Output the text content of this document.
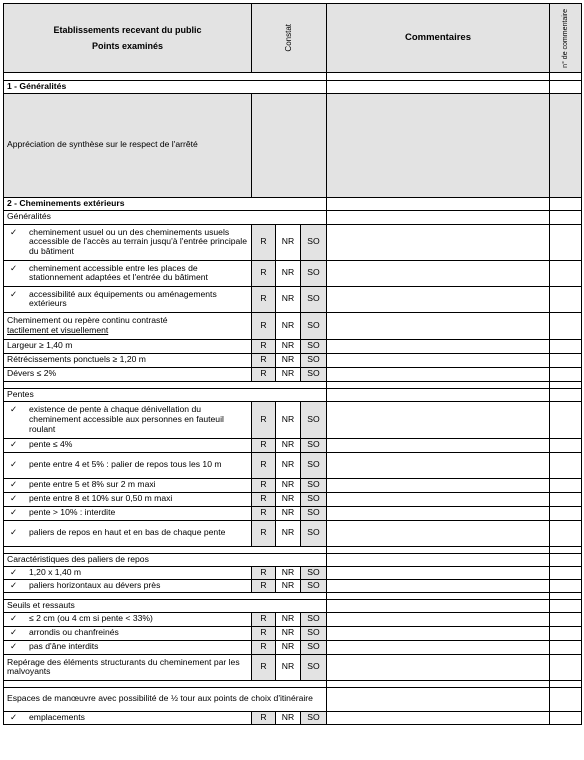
Etablissements recevant du public
Points examinés	Constat			Commentaires	n° de commentaire

1 - Généralités					
Appréciation de synthèse sur le respect de l'arrêté					
2 - Cheminements extérieurs					
Généralités					

✓ cheminement usuel ou un des cheminements usuels accessible de l'accès au terrain jusqu'à l'entrée principale du bâtiment	R	NR	SO		

✓ cheminement accessible entre les places de stationnement adaptées et l'entrée du bâtiment	R	NR	SO		

✓ accessibilité aux équipements ou aménagements extérieurs	R	NR	SO		

Cheminement ou repère continu contrasté
tactilement et visuellement	R	NR	SO		
Largeur ≥ 1,40 m	R	NR	SO		
Rétrécissements ponctuels ≥ 1,20 m	R	NR	SO		
Dévers ≤ 2%	R	NR	SO		

Pentes					

✓ existence de pente à chaque dénivellation du cheminement accessible aux personnes en fauteuil roulant	R	NR	SO		

✓ pente ≤ 4%	R	NR	SO		

✓ pente entre 4 et 5% : palier de repos tous les 10 m	R	NR	SO		

✓ pente entre 5 et 8% sur 2 m maxi	R	NR	SO		

✓ pente entre 8 et 10% sur 0,50 m maxi	R	NR	SO		

✓ pente > 10% : interdite	R	NR	SO		

✓ paliers de repos en haut et en bas de chaque pente	R	NR	SO		

Caractéristiques des paliers de repos					

✓ 1,20 x 1,40 m	R	NR	SO		

✓ paliers horizontaux au dévers près	R	NR	SO		

Seuils et ressauts					

✓ ≤ 2 cm (ou 4 cm si pente < 33%)	R	NR	SO		

✓ arrondis ou chanfreinés	R	NR	SO		

✓ pas d'âne interdits	R	NR	SO		
Repérage des éléments structurants du cheminement par les malvoyants	R	NR	SO		

Espaces de manœuvre avec possibilité de ½ tour aux points de choix d'itinéraire					

✓ emplacements	R	NR	SO		
